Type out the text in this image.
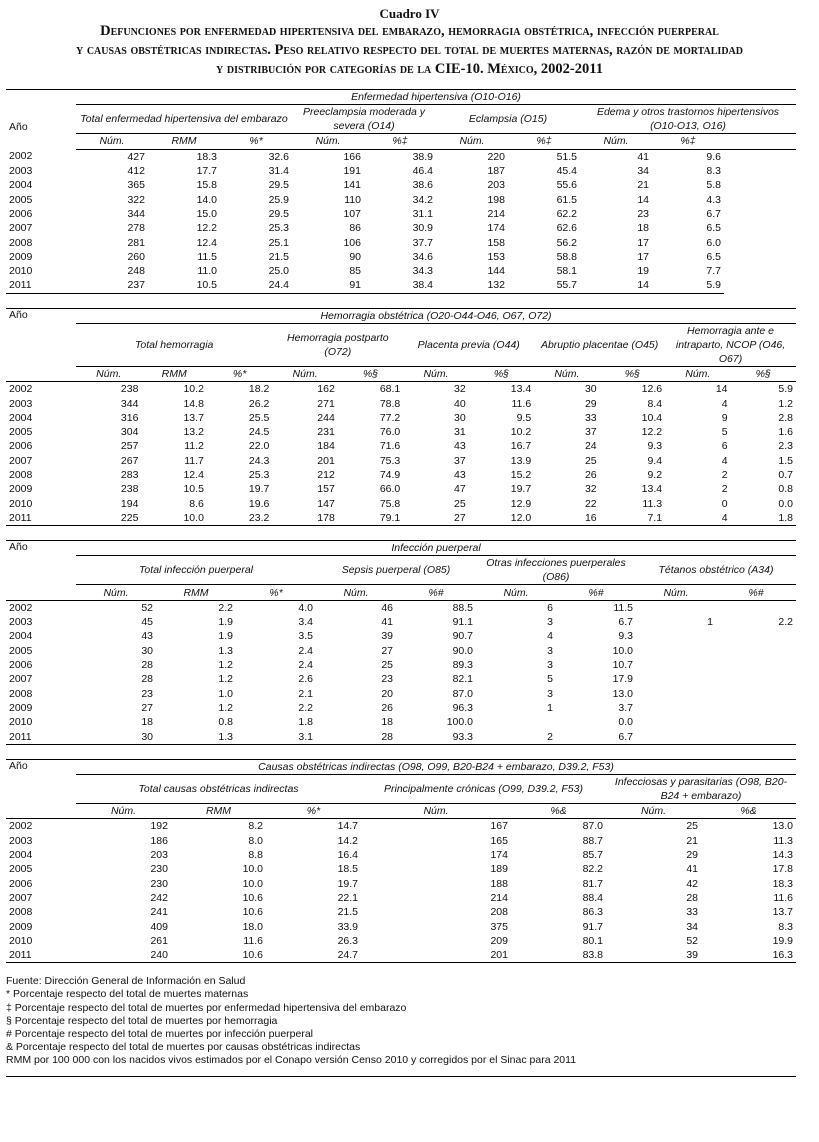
Cuadro IV
Defunciones por enfermedad hipertensiva del embarazo, hemorragia obstétrica, infección puerperal
y causas obstétricas indirectas. Peso relativo respecto del total de muertes maternas, razón de mortalidad
y distribución por categorías de la CIE-10. México, 2002-2011
	Enfermedad hipertensiva (O10-O16)									
Año	Total enfermedad hipertensiva del embarazo			Preeclampsia moderada y severa (O14)		Eclampsia (O15)		Edema y otros trastornos hipertensivos (O10-O13, O16)		
	Núm.	RMM	%*	Núm.	%‡	Núm.	%‡	Núm.	%‡	
2002	427	18.3	32.6	166	38.9	220	51.5	41	9.6	
2003	412	17.7	31.4	191	46.4	187	45.4	34	8.3	
2004	365	15.8	29.5	141	38.6	203	55.6	21	5.8	
2005	322	14.0	25.9	110	34.2	198	61.5	14	4.3	
2006	344	15.0	29.5	107	31.1	214	62.2	23	6.7	
2007	278	12.2	25.3	86	30.9	174	62.6	18	6.5	
2008	281	12.4	25.1	106	37.7	158	56.2	17	6.0	
2009	260	11.5	21.5	90	34.6	153	58.8	17	6.5	
2010	248	11.0	25.0	85	34.3	144	58.1	19	7.7	
2011	237	10.5	24.4	91	38.4	132	55.7	14	5.9	
Año	Hemorragia obstétrica (O20-O44-O46, O67, O72)										
	Total hemorragia			Hemorragia postparto (O72)		Placenta previa (O44)		Abruptio placentae (O45)		Hemorragia ante e intraparto, NCOP (O46, O67)	
	Núm.	RMM	%*	Núm.	%§	Núm.	%§	Núm.	%§	Núm.	%§
2002	238	10.2	18.2	162	68.1	32	13.4	30	12.6	14	5.9
2003	344	14.8	26.2	271	78.8	40	11.6	29	8.4	4	1.2
2004	316	13.7	25.5	244	77.2	30	9.5	33	10.4	9	2.8
2005	304	13.2	24.5	231	76.0	31	10.2	37	12.2	5	1.6
2006	257	11.2	22.0	184	71.6	43	16.7	24	9.3	6	2.3
2007	267	11.7	24.3	201	75.3	37	13.9	25	9.4	4	1.5
2008	283	12.4	25.3	212	74.9	43	15.2	26	9.2	2	0.7
2009	238	10.5	19.7	157	66.0	47	19.7	32	13.4	2	0.8
2010	194	8.6	19.6	147	75.8	25	12.9	22	11.3	0	0.0
2011	225	10.0	23.2	178	79.1	27	12.0	16	7.1	4	1.8
Año	Infección puerperal								
	Total infección puerperal			Sepsis puerperal (O85)		Otras infecciones puerperales (O86)		Tétanos obstétrico (A34)	
	Núm.	RMM	%*	Núm.	%#	Núm.	%#	Núm.	%#
2002	52	2.2	4.0	46	88.5	6	11.5		
2003	45	1.9	3.4	41	91.1	3	6.7	1	2.2
2004	43	1.9	3.5	39	90.7	4	9.3		
2005	30	1.3	2.4	27	90.0	3	10.0		
2006	28	1.2	2.4	25	89.3	3	10.7		
2007	28	1.2	2.6	23	82.1	5	17.9		
2008	23	1.0	2.1	20	87.0	3	13.0		
2009	27	1.2	2.2	26	96.3	1	3.7		
2010	18	0.8	1.8	18	100.0		0.0		
2011	30	1.3	3.1	28	93.3	2	6.7		
Año	Causas obstétricas indirectas (O98, O99, B20-B24 + embarazo, D39.2, F53)						
	Total causas obstétricas indirectas			Principalmente crónicas (O99, D39.2, F53)		Infecciosas y parasitarias (O98, B20-B24 + embarazo)	
	Núm.	RMM	%*	Núm.	%&	Núm.	%&
2002	192	8.2	14.7	167	87.0	25	13.0
2003	186	8.0	14.2	165	88.7	21	11.3
2004	203	8.8	16.4	174	85.7	29	14.3
2005	230	10.0	18.5	189	82.2	41	17.8
2006	230	10.0	19.7	188	81.7	42	18.3
2007	242	10.6	22.1	214	88.4	28	11.6
2008	241	10.6	21.5	208	86.3	33	13.7
2009	409	18.0	33.9	375	91.7	34	8.3
2010	261	11.6	26.3	209	80.1	52	19.9
2011	240	10.6	24.7	201	83.8	39	16.3
Fuente: Dirección General de Información en Salud
* Porcentaje respecto del total de muertes maternas
‡ Porcentaje respecto del total de muertes por enfermedad hipertensiva del embarazo
§ Porcentaje respecto del total de muertes por hemorragia
# Porcentaje respecto del total de muertes por infección puerperal
& Porcentaje respecto del total de muertes por causas obstétricas indirectas
RMM por 100 000 con los nacidos vivos estimados por el Conapo versión Censo 2010 y corregidos por el Sinac para 2011
